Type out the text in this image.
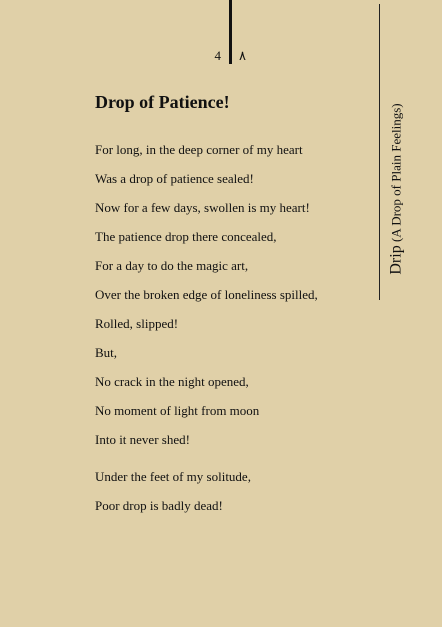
4 ٨
Drip (A Drop of Plain Feelings)
Drop of Patience!
For long, in the deep corner of my heart
Was a drop of patience sealed!
Now for a few days, swollen is my heart!
The patience drop there concealed,
For a day to do the magic art,
Over the broken edge of loneliness spilled,
Rolled, slipped!
But,
No crack in the night opened,
No moment of light from moon
Into it never shed!
Under the feet of my solitude,
Poor drop is badly dead!
